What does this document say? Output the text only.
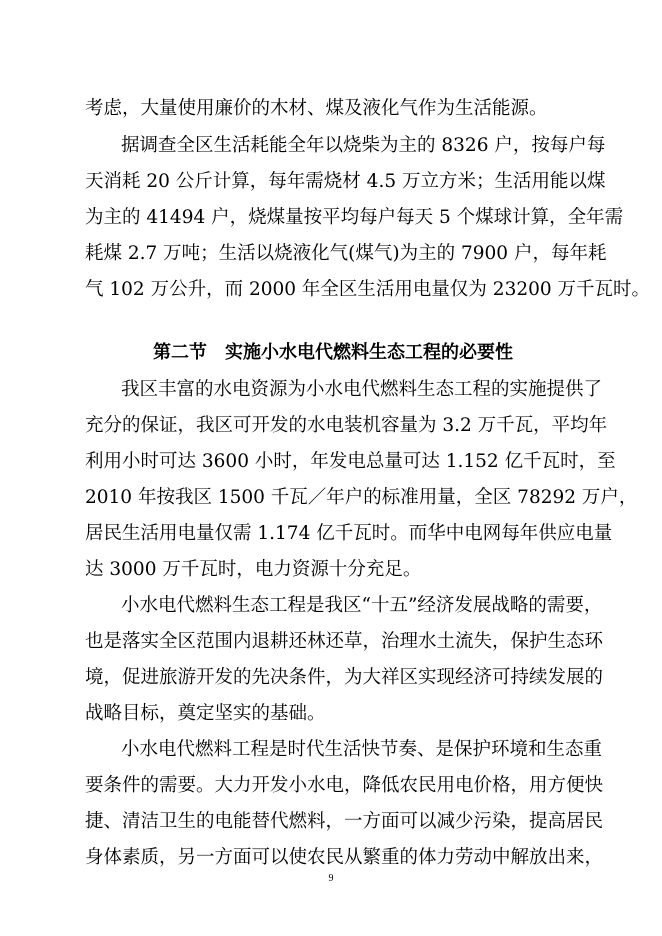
考虑，大量使用廉价的木材、煤及液化气作为生活能源。
据调查全区生活耗能全年以烧柴为主的 8326 户，按每户每
天消耗 20 公斤计算，每年需烧材 4.5 万立方米；生活用能以煤
为主的 41494 户，烧煤量按平均每户每天 5 个煤球计算，全年需
耗煤 2.7 万吨；生活以烧液化气(煤气)为主的 7900 户，每年耗
气 102 万公升，而 2000 年全区生活用电量仅为 23200 万千瓦时。
第二节　实施小水电代燃料生态工程的必要性
我区丰富的水电资源为小水电代燃料生态工程的实施提供了
充分的保证，我区可开发的水电装机容量为 3.2 万千瓦，平均年
利用小时可达 3600 小时，年发电总量可达 1.152 亿千瓦时，至
2010 年按我区 1500 千瓦／年户的标准用量，全区 78292 万户，
居民生活用电量仅需 1.174 亿千瓦时。而华中电网每年供应电量
达 3000 万千瓦时，电力资源十分充足。
小水电代燃料生态工程是我区“十五”经济发展战略的需要，
也是落实全区范围内退耕还林还草，治理水土流失，保护生态环
境，促进旅游开发的先决条件，为大祥区实现经济可持续发展的
战略目标，奠定坚实的基础。
小水电代燃料工程是时代生活快节奏、是保护环境和生态重
要条件的需要。大力开发小水电，降低农民用电价格，用方便快
捷、清洁卫生的电能替代燃料，一方面可以减少污染，提高居民
身体素质，另一方面可以使农民从繁重的体力劳动中解放出来，
9
